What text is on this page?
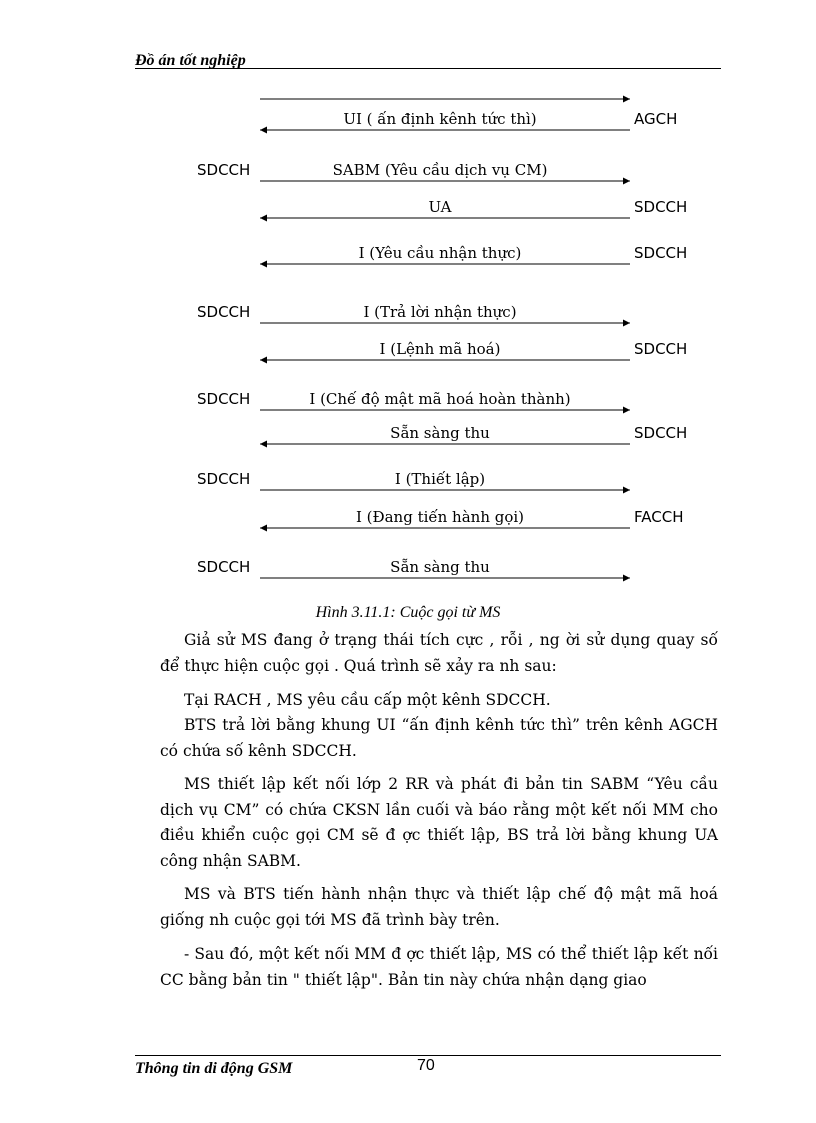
Đồ án tốt nghiệp
UI ( ấn định kênh tức thì)	AGCH
SABM (Yêu cầu dịch vụ CM)
SDCCH
UA	SDCCH
I (Yêu cầu nhận thực)	SDCCH
I (Trả lời nhận thực)
SDCCH
I (Lệnh mã hoá)	SDCCH
I (Chế độ mật mã hoá hoàn thành)
SDCCH
Sẵn sàng thu	SDCCH
I (Thiết lập)
SDCCH
I (Đang tiến hành gọi)	FACCH
Sẵn sàng thu
SDCCH
Hình 3.11.1: Cuộc gọi từ MS
Giả sử MS đang ở trạng thái tích cực , rỗi , ng ời sử dụng quay số để thực hiện cuộc gọi . Quá trình sẽ xảy ra nh sau:
Tại RACH , MS yêu cầu cấp một kênh SDCCH.
BTS trả lời bằng khung UI “ấn định kênh tức thì” trên kênh AGCH có chứa số kênh SDCCH.
MS thiết lập kết nối lớp 2 RR và phát đi bản tin SABM “Yêu cầu dịch vụ CM” có chứa CKSN lần cuối và báo rằng một kết nối MM cho điều khiển cuộc gọi CM sẽ đ ợc thiết lập, BS trả lời bằng khung UA công nhận SABM.
MS và BTS tiến hành nhận thực và thiết lập chế độ mật mã hoá giống nh cuộc gọi tới MS đã trình bày trên.
- Sau đó, một kết nối MM đ ợc thiết lập, MS có thể thiết lập kết nối CC bằng bản tin " thiết lập". Bản tin này chứa nhận dạng giao
Thông tin di động GSM	70
